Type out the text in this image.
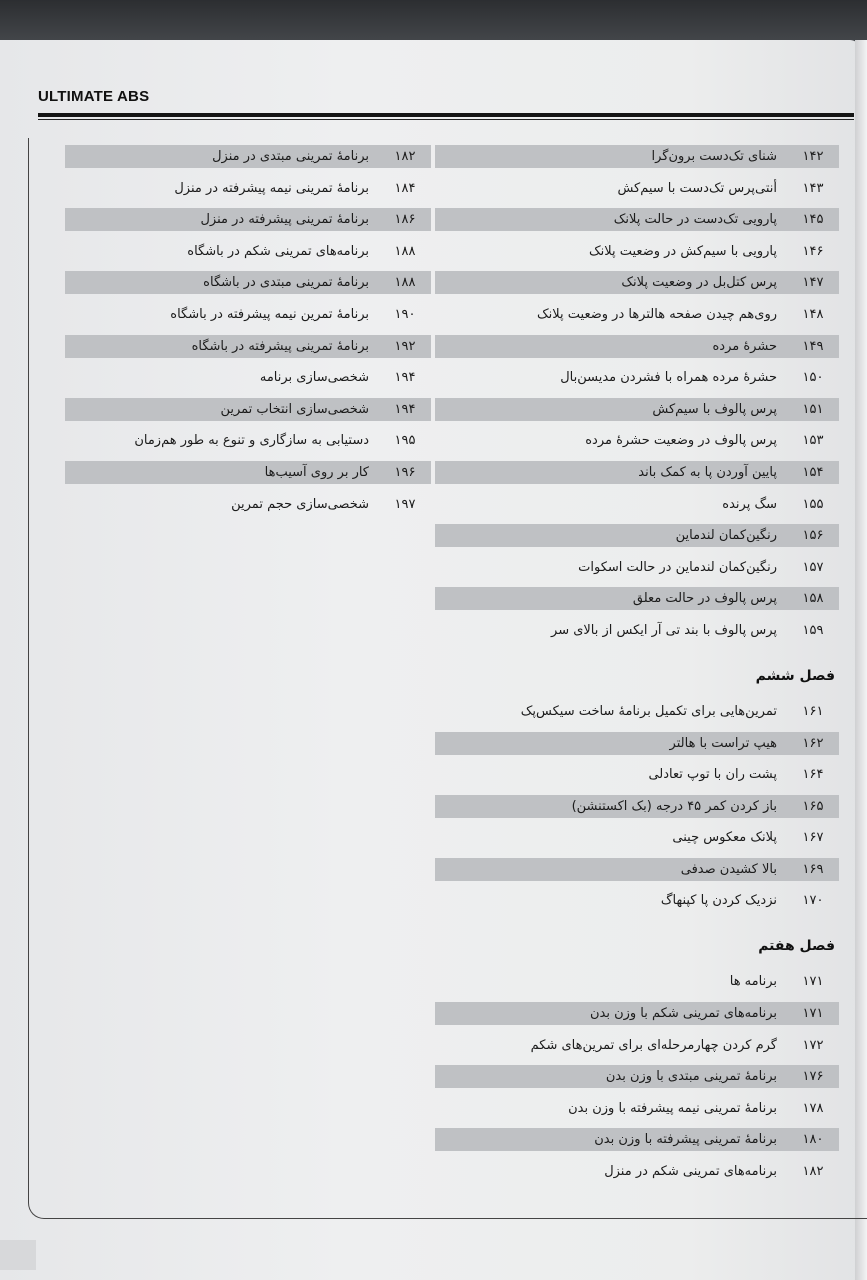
ULTIMATE ABS
۱۴۲
شنای تک‌دست برون‌گرا
۱۴۳
أنتی‌پرس تک‌دست با سیم‌کش
۱۴۵
پارویی تک‌دست در حالت پلانک
۱۴۶
پارویی با سیم‌کش در وضعیت پلانک
۱۴۷
پرس کتل‌بل در وضعیت پلانک
۱۴۸
روی‌هم چیدن صفحه هالترها در وضعیت پلانک
۱۴۹
حشرهٔ مرده
۱۵۰
حشرهٔ مرده همراه با فشردن مدیسن‌بال
۱۵۱
پرس پالوف با سیم‌کش
۱۵۳
پرس پالوف در وضعیت حشرهٔ مرده
۱۵۴
پایین آوردن پا به کمک باند
۱۵۵
سگ پرنده
۱۵۶
رنگین‌کمان لندماین
۱۵۷
رنگین‌کمان لندماین در حالت اسکوات
۱۵۸
پرس پالوف در حالت معلق
۱۵۹
پرس پالوف با بند تی آر ایکس از بالای سر
فصل ششم
۱۶۱
تمرین‌هایی برای تکمیل برنامهٔ ساخت سیکس‌پک
۱۶۲
هیپ تراست با هالتر
۱۶۴
پشت ران با توپ تعادلی
۱۶۵
باز کردن کمر ۴۵ درجه (بک اکستنشن)
۱۶۷
پلانک معکوس چینی
۱۶۹
بالا کشیدن صدفی
۱۷۰
نزدیک کردن پا کپنهاگ
فصل هفتم
۱۷۱
برنامه ها
۱۷۱
برنامه‌های تمرینی شکم با وزن بدن
۱۷۲
گرم کردن چهارمرحله‌ای برای تمرین‌های شکم
۱۷۶
برنامهٔ تمرینی مبتدی با وزن بدن
۱۷۸
برنامهٔ تمرینی نیمه پیشرفته با وزن بدن
۱۸۰
برنامهٔ تمرینی پیشرفته با وزن بدن
۱۸۲
برنامه‌های تمرینی شکم در منزل
۱۸۲
برنامهٔ تمرینی مبتدی در منزل
۱۸۴
برنامهٔ تمرینی نیمه پیشرفته در منزل
۱۸۶
برنامهٔ تمرینی پیشرفته در منزل
۱۸۸
برنامه‌های تمرینی شکم در باشگاه
۱۸۸
برنامهٔ تمرینی مبتدی در باشگاه
۱۹۰
برنامهٔ تمرین نیمه پیشرفته در باشگاه
۱۹۲
برنامهٔ تمرینی پیشرفته در باشگاه
۱۹۴
شخصی‌سازی برنامه
۱۹۴
شخصی‌سازی انتخاب تمرین
۱۹۵
دستیابی به سازگاری و تنوع به طور هم‌زمان
۱۹۶
کار بر روی آسیب‌ها
۱۹۷
شخصی‌سازی حجم تمرین
